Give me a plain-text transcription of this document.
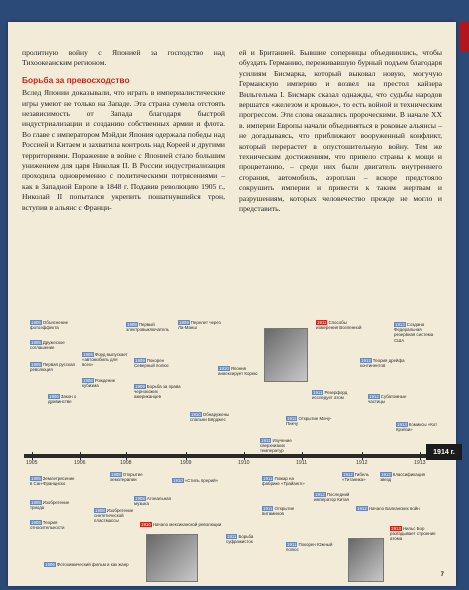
пролитную войну с Японией за господство над Тихоокеанским регионом.

Борьба за превосходство

Вслед Японии доказывали, что играть в империалистические игры умеют не только на Западе. Эта страна сумела отстоять независимость от Запада благодаря быстрой индустриализации и созданию собственных армии и флота. Во главе с императором Мэйдзи Япония одержала победы над Россией и Китаем и захватила контроль над Кореей и другими территориями. Поражение в войне с Японией стало большим унижением для царя Николая II. В России индустриализация проходила одновременно с политическими потрясениями – как в Западной Европе в 1848 г. Подавив революцию 1905 г., Николай II попытался укрепить пошатнувшийся трон, вступив в альянс с Франци-

ей и Британией. Бывшие соперницы объединились, чтобы обуздать Германию, переживавшую бурный подъем благодаря усилиям Бисмарка, который выковал новую, могучую Германскую империю и возвел на престол кайзера Вильгельма I. Бисмарк сказал однажды, что судьбы народов вершатся «железом и кровью», то есть войной и техническим прогрессом. Эти слова оказались пророческими. В начале XX в. империи Европы начали объединяться в роковые альянсы – не догадываясь, что приближают вооруженный конфликт, который перерастет в опустошительную войну. Тем же техническим достижениям, что привело страны к мощи и процветанию, – среди них были двигатель внутреннего сгорания, автомобиль, аэроплан – вскоре предстояло сокрушить империи и привести к таким жертвам и разрушениям, которых человечество прежде не могло и представить.

1905	1906	1908	1909	1910	1911	1912	1913
1914 г.
1905 Объяснение фотоэффекта
1905 Дружеское соглашение
1905 Первая русская революция
1906 Закон о дривинстве
1908 Форд выпускает «автомобиль для всех»
1908 Рождение кубизма
1908 Первый электровыключатель
1909 Покорен Северный полюс
1909 Перелет через Ла-Манш
1909 Борьба за права чернокожих американцев
1910 Обнаружены спальни Бёрджес
1910 Япония аннексирует Корею
1911 Способы измерения Вселенной
1911 Резерфорд исследует атом
1911 Открытие Мачу-Пикчу
1911 Изучение сверхнизких температур
1912 Теория дрейфа континентов
1912 Субатомные частицы
1913 Создана Федеральная резервная система США
1913 Комиксы «Кот Крэйзи»
1905 Землетрясение в Сан-Франциско
1905 Изобретение триода
1905 Теория относительности
1906 Фотохимический фильм и как жанр
1908 Открытие хемотерапии
1908 Изобретение синтетической пластмассы
1908 Атональная музыка
1910 Начало мексиканской революции
1910 «Стиль прерий»	1911 Пожар на фабрике «Трайангл»
1911 Открытие витаминов
1911 Борьба суфражисток
1911 Покорен Южный полюс
1912 Гибель «Титаника»
1912 Последний император Китая
1912 Классификация звезд
1912 Начало Балканских войн
1913 Нильс Бор разгадывает строение атома
7
